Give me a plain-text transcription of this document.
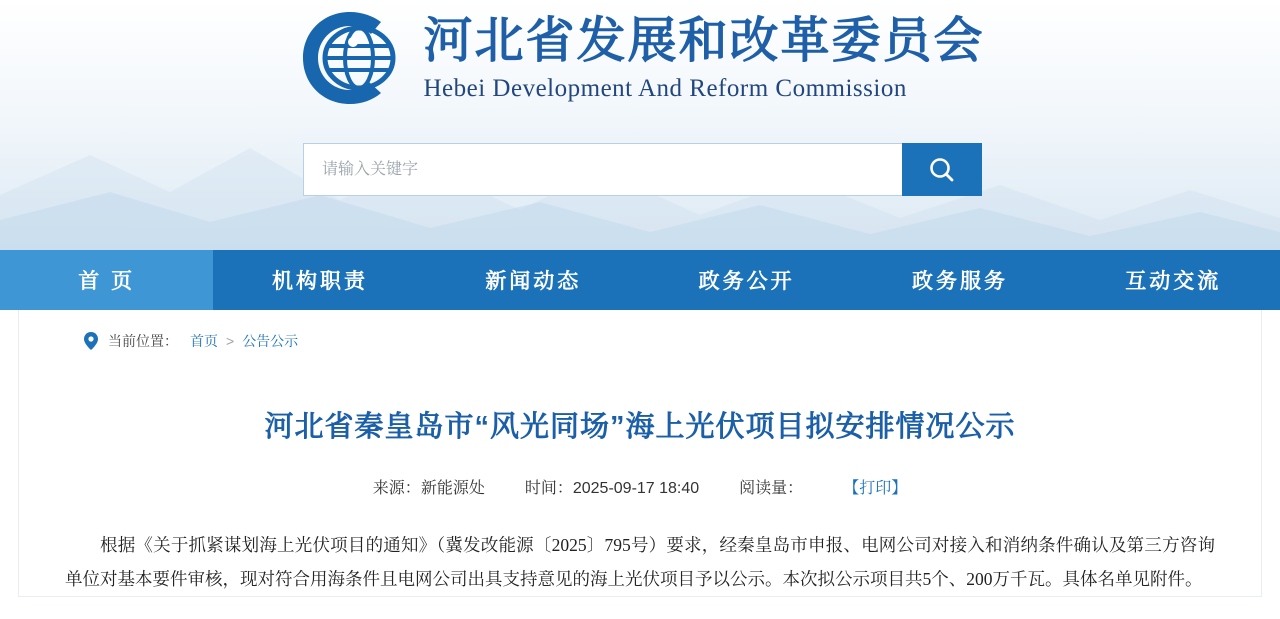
河北省发展和改革委员会
Hebei Development And Reform Commission
请输入关键字
首 页	机构职责	新闻动态	政务公开	政务服务	互动交流
当前位置： 首页 > 公告公示
河北省秦皇岛市“风光同场”海上光伏项目拟安排情况公示
来源：新能源处	时间：2025-09-17 18:40	阅读量：	【打印】

根据《关于抓紧谋划海上光伏项目的通知》（冀发改能源〔2025〕795号）要求，经秦皇岛市申报、电网公司对接入和消纳条件确认及第三方咨询单位对基本要件审核，现对符合用海条件且电网公司出具支持意见的海上光伏项目予以公示。本次拟公示项目共5个、200万千瓦。具体名单见附件。
